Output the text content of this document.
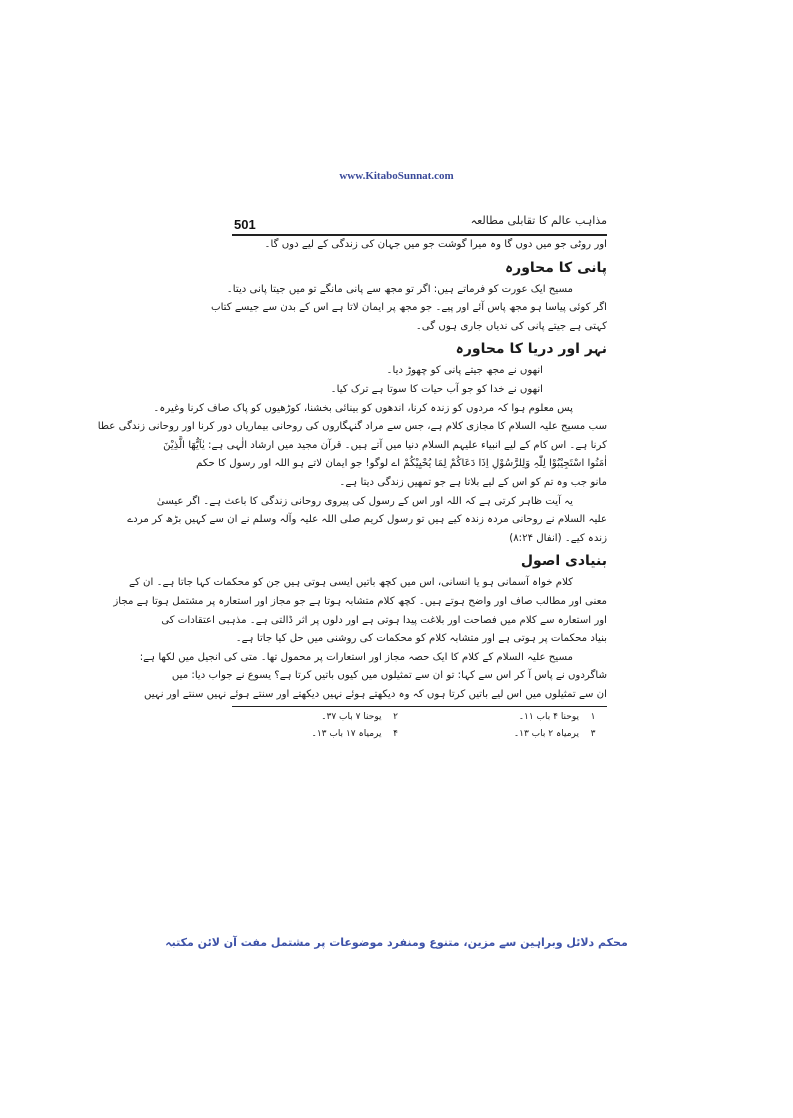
www.KitaboSunnat.com
501	مذاہب عالم کا تقابلی مطالعہ
اور روٹی جو میں دوں گا وہ میرا گوشت جو میں جہان کی زندگی کے لیے دوں گا۔
پانی کا محاورہ
مسیح ایک عورت کو فرماتے ہیں: اگر تو مجھ سے پانی مانگے تو میں جیتا پانی دیتا۔
اگر کوئی پیاسا ہو مجھ پاس آئے اور پیے۔ جو مجھ پر ایمان لاتا ہے اس کے بدن سے جیسے کتاب
کہتی ہے جیتے پانی کی ندیاں جاری ہوں گی۔
نہر اور دریا کا محاورہ
انھوں نے مجھ جیتے پانی کو چھوڑ دیا۔
انھوں نے خدا کو جو آب حیات کا سوتا ہے ترک کیا۔
پس معلوم ہوا کہ مردوں کو زندہ کرنا، اندھوں کو بینائی بخشنا، کوڑھیوں کو پاک صاف کرنا وغیرہ۔
سب مسیح علیہ السلام کا مجازی کلام ہے، جس سے مراد گنہگاروں کی روحانی بیماریاں دور کرنا اور روحانی زندگی عطا
کرنا ہے۔ اس کام کے لیے انبیاء علیہم السلام دنیا میں آتے ہیں۔ قرآن مجید میں ارشاد الٰہی ہے: یٰاَیُّھَا الَّذِیْنَ
اٰمَنُوا اسْتَجِیْبُوْا لِلّٰہِ وَلِلرَّسُوْلِ اِذَا دَعَاکُمْ لِمَا یُحْیِیْکُمْ اے لوگو! جو ایمان لاتے ہو اللہ اور رسول کا حکم
مانو جب وہ تم کو اس کے لیے بلاتا ہے جو تمھیں زندگی دیتا ہے۔
یہ آیت ظاہر کرتی ہے کہ اللہ اور اس کے رسول کی پیروی روحانی زندگی کا باعث ہے۔ اگر عیسیٰ
علیہ السلام نے روحانی مردہ زندہ کیے ہیں تو رسول کریم صلی اللہ علیہ وآلہ وسلم نے ان سے کہیں بڑھ کر مردے
زندہ کیے۔ (انفال ۸:۲۴)
بنیادی اصول
کلام خواہ آسمانی ہو یا انسانی، اس میں کچھ باتیں ایسی ہوتی ہیں جن کو محکمات کہا جاتا ہے۔ ان کے
معنی اور مطالب صاف اور واضح ہوتے ہیں۔ کچھ کلام متشابہ ہوتا ہے جو مجاز اور استعارہ پر مشتمل ہوتا ہے مجاز
اور استعارہ سے کلام میں فصاحت اور بلاغت پیدا ہوتی ہے اور دلوں پر اثر ڈالتی ہے۔ مذہبی اعتقادات کی
بنیاد محکمات پر ہوتی ہے اور متشابہ کلام کو محکمات کی روشنی میں حل کیا جاتا ہے۔
مسیح علیہ السلام کے کلام کا ایک حصہ مجاز اور استعارات پر محمول تھا۔ متی کی انجیل میں لکھا ہے:
شاگردوں نے پاس آ کر اس سے کہا: تو ان سے تمثیلوں میں کیوں باتیں کرتا ہے؟ یسوع نے جواب دیا: میں
ان سے تمثیلوں میں اس لیے باتیں کرتا ہوں کہ وہ دیکھتے ہوئے نہیں دیکھتے اور سنتے ہوئے نہیں سنتے اور نہیں
۱
یوحنا ۴ باب ۱۱۔
۲
یوحنا ۷ باب ۳۷۔
۳
یرمیاہ ۲ باب ۱۳۔
۴
یرمیاہ ۱۷ باب ۱۳۔
محکم دلائل وبراہین سے مزین، متنوع ومنفرد موضوعات پر مشتمل مفت آن لائن مکتبہ
